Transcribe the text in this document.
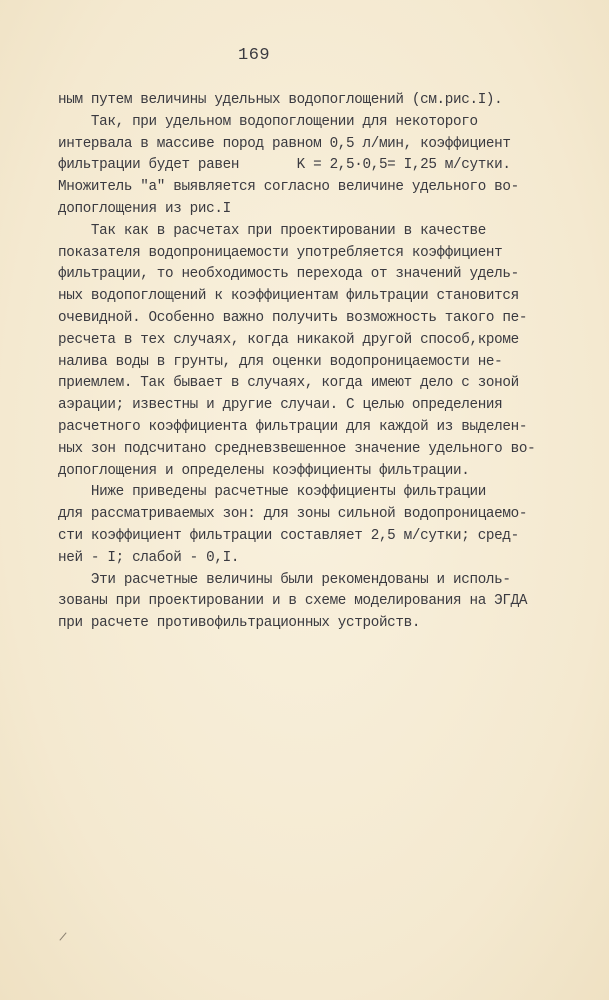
169
ным путем величины удельных водопоглощений (см.рис.I).
Так, при удельном водопоглощении для некоторого
интервала в массиве пород равном 0,5 л/мин, коэффициент
фильтрации будет равен       K = 2,5·0,5= I,25 м/сутки.
Множитель "а" выявляется согласно величине удельного во-
допоглощения из рис.I
Так как в расчетах при проектировании в качестве
показателя водопроницаемости употребляется коэффициент
фильтрации, то необходимость перехода от значений удель-
ных водопоглощений к коэффициентам фильтрации становится
очевидной. Особенно важно получить возможность такого пе-
ресчета в тех случаях, когда никакой другой способ,кроме
налива воды в грунты, для оценки водопроницаемости не-
приемлем. Так бывает в случаях, когда имеют дело с зоной
аэрации; известны и другие случаи. С целью определения
расчетного коэффициента фильтрации для каждой из выделен-
ных зон подсчитано средневзвешенное значение удельного во-
допоглощения и определены коэффициенты фильтрации.
Ниже приведены расчетные коэффициенты фильтрации
для рассматриваемых зон: для зоны сильной водопроницаемо-
сти коэффициент фильтрации составляет 2,5 м/сутки; сред-
ней - I; слабой - 0,I.
Эти расчетные величины были рекомендованы и исполь-
зованы при проектировании и в схеме моделирования на ЭГДА
при расчете противофильтрационных устройств.
